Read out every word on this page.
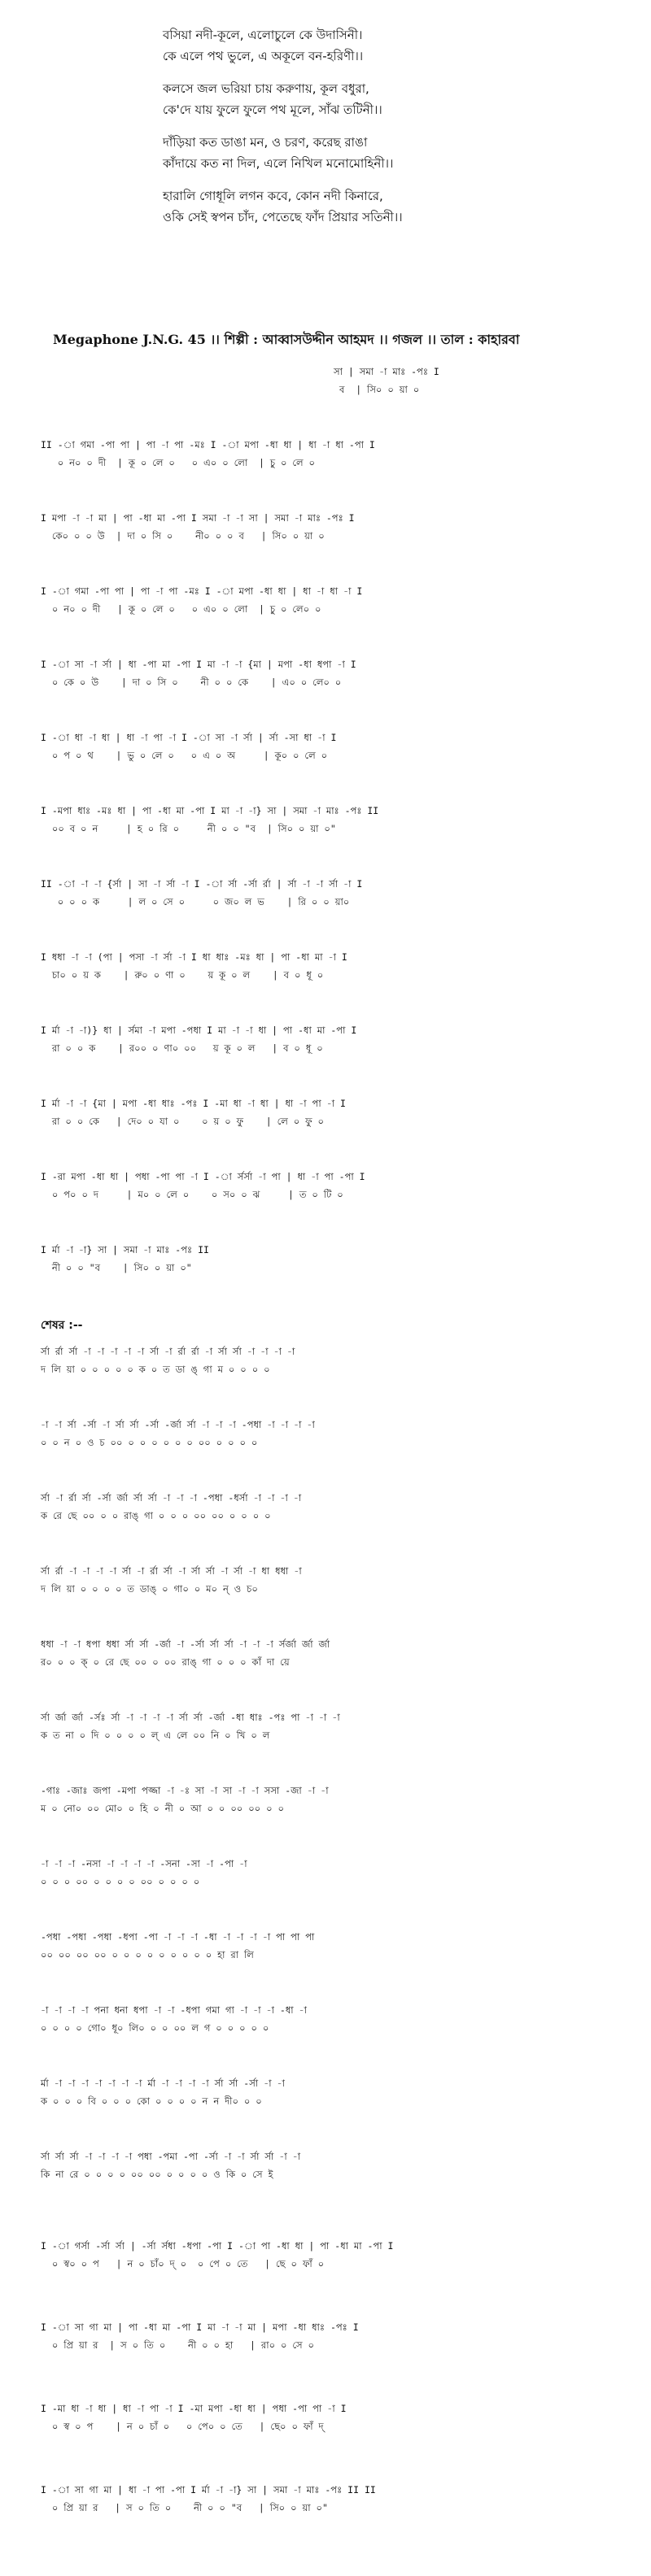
বসিয়া নদী-কূলে, এলোচুলে কে উদাসিনী।
কে এলে পথ ভুলে, এ অকূলে বন-হরিণী।।
কলসে জল ভরিয়া চায় করুণায়, কূল বধুরা,
কে'দে যায় ফুলে ফুলে পথ মূলে, সাঁঝ তটিনী।।
দাঁড়িয়া কত ডাঙা মন, ও চরণ, করেছ রাঙা
কাঁদায়ে কত না দিল, এলে নিখিল মনোমোহিনী।।
হারালি গোধূলি লগন কবে, কোন নদী কিনারে,
ওকি সেই স্বপন চাঁদ, পেতেছে ফাঁদ প্রিয়ার সতিনী।।
Megaphone J.N.G. 45 ।। শিল্পী : আব্বাসউদ্দীন আহমদ ।। গজল ।। তাল : কাহারবা
সা | সমা -া মাঃ -পঃ I
ব  | সি০ ০ য়া ০
II -া গমা -পা পা | পা -া পা -মঃ I -া মপা -ধা ধা | ধা -া ধা -পা I
০ ন০ ০ দী  | কূ ০ লে ০   ০ এ০ ০ লো  | চু ০ লে ০
I মপা -া -া মা | পা -ধা মা -পা I সমা -া -া সা | সমা -া মাঃ -পঃ I
কে০ ০ ০ উ  | দা ০ সি ০    নী০ ০ ০ ব   | সি০ ০ য়া ০
I -া গমা -পা পা | পা -া পা -মঃ I -া মপা -ধা ধা | ধা -া ধা -া I
০ ন০ ০ দী   | কূ ০ লে ০   ০ এ০ ০ লো  | চু ০ লে০ ০
I -া সা -া ৰ্সা | ধা -পা মা -পা I মা -া -া {মা | মপা -ধা ধপা -া I
০ কে ০ উ    | দা ০ সি ০    নী ০ ০ কে    | এ০ ০ লে০ ০
I -া ধা -া ধা | ধা -া পা -া I -া সা -া র্সা | র্সা -সা ধা -া I
০ প ০ থ    | ভু ০ লে ০   ০ এ ০ অ     | কূ০ ০ লে ০
I -মপা ধাঃ -মঃ ধা | পা -ধা মা -পা I মা -া -া} সা | সমা -া মাঃ -পঃ II
০০ ব ০ ন     | হ ০ রি ০     নী ০ ০ "ব  | সি০ ০ য়া ০"
II -া -া -া {র্সা | সা -া র্সা -া I -া র্সা -র্সা র্রা | র্সা -া -া র্সা -া I
০ ০ ০ ক     | ল ০ সে ০     ০ জ০ ল ভ    | রি ০ ০ য়া০
I ধধা -া -া (পা | পসা -া র্সা -া I ধা ধাঃ -মঃ ধা | পা -ধা মা -া I
চা০ ০ য় ক    | রু০ ০ ণা ০    য় কূ ০ ল    | ব ০ ধূ ০
I র্মা -া -া)} ধা | র্সমা -া মপা -পধা I মা -া -া ধা | পা -ধা মা -পা I
রা ০ ০ ক    | র০০ ০ ণা০ ০০   য় কূ ০ ল   | ব ০ ধূ ০
I র্মা -া -া {মা | মপা -ধা ধাঃ -পঃ I -মা ধা -া ধা | ধা -া পা -া I
রা ০ ০ কে   | দে০ ০ যা ০    ০ য় ০ ফু    | লে ০ ফু ০
I -রা মপা -ধা ধা | পধা -পা পা -া I -া র্সর্সা -া পা | ধা -া পা -পা I
০ প০ ০ দ     | ম০ ০ লে ০    ০ স০ ০ ঝ     | ত ০ টি ০
I র্মা -া -া} সা | সমা -া মাঃ -পঃ II
নী ০ ০ "ব    | সি০ ০ য়া ০"
শেষর :--
র্সা র্রা র্সা -া -া -া -া -া র্সা -া র্রা র্রা -া র্সা র্সা -া -া -া -া
দ লি য়া ০ ০ ০ ০ ০ ক ০ ত ডা ঙ্ গা ম ০ ০ ০ ০
-া -া র্সা -র্সা -া র্সা র্সা -র্সা -র্জা র্সা -া -া -া -পধা -া -া -া -া
০ ০ ন ০ ও চ ০০ ০ ০ ০ ০ ০ ০ ০০ ০ ০ ০ ০
র্সা -া র্রা র্সা -র্সা র্জা র্সা র্সা -া -া -া -পধা -ধর্সা -া -া -া -া
ক রে ছে ০০ ০ ০ রাঙ্ গা ০ ০ ০ ০০ ০০ ০ ০ ০ ০
র্সা র্রা -া -া -া -া র্সা -া র্রা র্সা -া র্সা র্সা -া র্সা -া ধা ধধা -া
দ লি য়া ০ ০ ০ ০ ত ডাঙ্ ০ গা০ ০ ম০ ন্ ও চ০
ধধা -া -া ধপা ধধা র্সা র্সা -র্জা -া -র্সা র্সা র্সা -া -া -া র্সর্জা র্জা র্জা
র০ ০ ০ ক্ ০ রে ছে ০০ ০ ০০ রাঙ্ গা ০ ০ ০ কাঁ দা য়ে
র্সা র্জা র্জা -র্সঃ র্সা -া -া -া -া র্সা র্সা -র্জা -ধা ধাঃ -পঃ পা -া -া -া
ক ত না ০ দি ০ ০ ০ ০ ল্ এ লে ০০ নি ০ খি ০ ল
-গাঃ -জাঃ জপা -মপা পজ্জা -া -ঃ সা -া সা -া -া সসা -জা -া -া
ম ০ নো০ ০০ মো০ ০ হি ০ নী ০ আ ০ ০ ০০ ০০ ০ ০
-া -া -া -নসা -া -া -া -া -সনা -সা -া -পা -া
০ ০ ০ ০০ ০ ০ ০ ০ ০০ ০ ০ ০ ০
-পধা -পধা -পধা -ধপা -পা -া -া -া -ধা -া -া -া -া পা পা পা
০০ ০০ ০০ ০০ ০ ০ ০ ০ ০ ০ ০ ০ ০ হা রা লি
-া -া -া -া পনা ধনা ধপা -া -া -ধপা গমা গা -া -া -া -ধা -া
০ ০ ০ ০ গো০ ধূ০ লি০ ০ ০ ০০ ল গ ০ ০ ০ ০ ০
র্মা -া -া -া -া -া -া -া র্মা -া -া -া -া র্সা র্সা -র্সা -া -া
ক ০ ০ ০ বি ০ ০ ০ কো ০ ০ ০ ০ ন ন দী০ ০ ০
র্সা র্সা র্সা -া -া -া -া পধা -পমা -পা -র্সা -া -া র্সা র্সা -া -া
কি না রে ০ ০ ০ ০ ০০ ০০ ০ ০ ০ ০ ও কি ০ সে ই
I -া গর্সা -র্সা র্সা | -র্সা র্সধা -ধপা -পা I -া পা -ধা ধা | পা -ধা মা -পা I
০ স্ব০ ০ প   | ন ০ চাঁ০ দ্ ০  ০ পে ০ তে   | ছে ০ ফাঁ ০
I -া সা গা মা | পা -ধা মা -পা I মা -া -া মা | মপা -ধা ধাঃ -পঃ I
০ প্রি য়া র  | স ০ তি ০    নী ০ ০ হা   | রা০ ০ সে ০
I -মা ধা -া ধা | ধা -া পা -া I -মা মপা -ধা ধা | পধা -পা পা -া I
০ স্ব ০ প    | ন ০ চাঁ ০   ০ পে০ ০ তে   | ছে০ ০ ফাঁ দ্
I -া সা গা মা | ধা -া পা -পা I র্মা -া -া} সা | সমা -া মাঃ -পঃ II II
০ প্রি য়া র   | স ০ তি ০    নী ০ ০ "ব   | সি০ ০ য়া ০"
